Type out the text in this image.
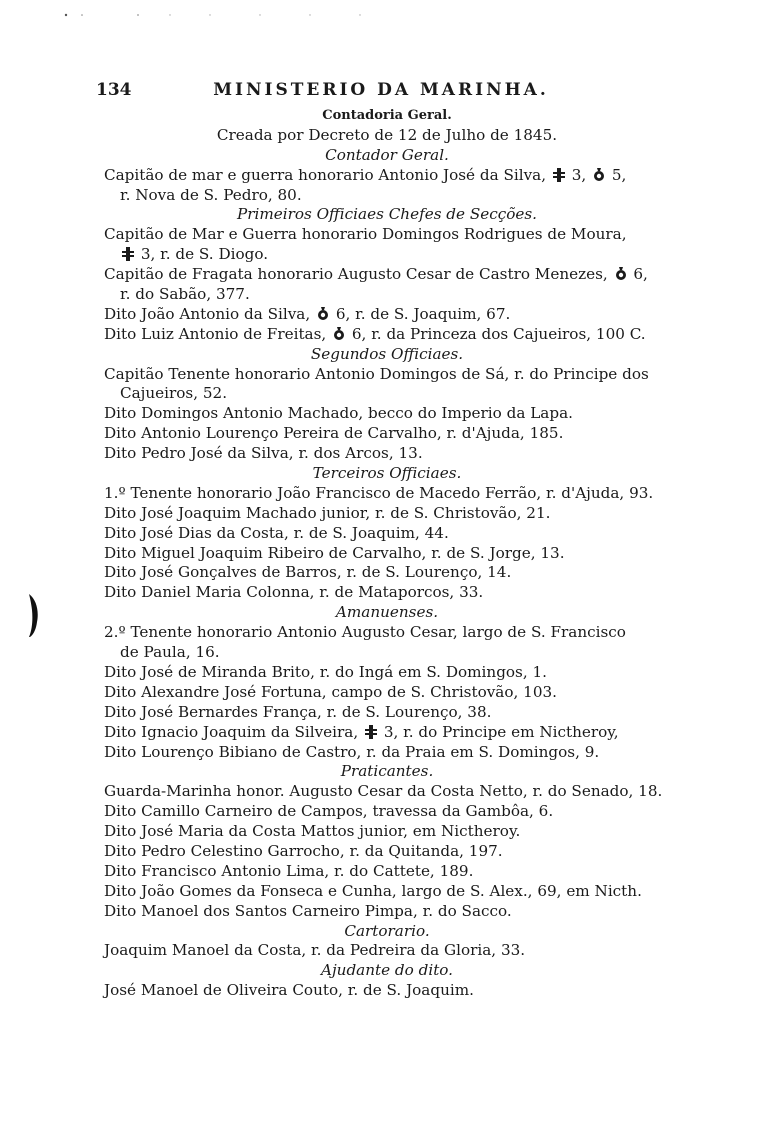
134	MINISTERIO DA MARINHA.
Contadoria Geral.
Creada por Decreto de 12 de Julho de 1845.
Contador Geral.
Capitão de mar e guerra honorario Antonio José da Silva, 3, 5,
r. Nova de S. Pedro, 80.
Primeiros Officiaes Chefes de Secções.
Capitão de Mar e Guerra honorario Domingos Rodrigues de Moura,
3, r. de S. Diogo.
Capitão de Fragata honorario Augusto Cesar de Castro Menezes, 6,
r. do Sabão, 377.
Dito João Antonio da Silva, 6, r. de S. Joaquim, 67.
Dito Luiz Antonio de Freitas, 6, r. da Princeza dos Cajueiros, 100 C.
Segundos Officiaes.
Capitão Tenente honorario Antonio Domingos de Sá, r. do Principe dos
Cajueiros, 52.
Dito Domingos Antonio Machado, becco do Imperio da Lapa.
Dito Antonio Lourenço Pereira de Carvalho, r. d'Ajuda, 185.
Dito Pedro José da Silva, r. dos Arcos, 13.
Terceiros Officiaes.
1.º Tenente honorario João Francisco de Macedo Ferrão, r. d'Ajuda, 93.
Dito José Joaquim Machado junior, r. de S. Christovão, 21.
Dito José Dias da Costa, r. de S. Joaquim, 44.
Dito Miguel Joaquim Ribeiro de Carvalho, r. de S. Jorge, 13.
Dito José Gonçalves de Barros, r. de S. Lourenço, 14.
Dito Daniel Maria Colonna, r. de Mataporcos, 33.
Amanuenses.
2.º Tenente honorario Antonio Augusto Cesar, largo de S. Francisco
de Paula, 16.
Dito José de Miranda Brito, r. do Ingá em S. Domingos, 1.
Dito Alexandre José Fortuna, campo de S. Christovão, 103.
Dito José Bernardes França, r. de S. Lourenço, 38.
Dito Ignacio Joaquim da Silveira, 3, r. do Principe em Nictheroy,
Dito Lourenço Bibiano de Castro, r. da Praia em S. Domingos, 9.
Praticantes.
Guarda-Marinha honor. Augusto Cesar da Costa Netto, r. do Senado, 18.
Dito Camillo Carneiro de Campos, travessa da Gambôa, 6.
Dito José Maria da Costa Mattos junior, em Nictheroy.
Dito Pedro Celestino Garrocho, r. da Quitanda, 197.
Dito Francisco Antonio Lima, r. do Cattete, 189.
Dito João Gomes da Fonseca e Cunha, largo de S. Alex., 69, em Nicth.
Dito Manoel dos Santos Carneiro Pimpa, r. do Sacco.
Cartorario.
Joaquim Manoel da Costa, r. da Pedreira da Gloria, 33.
Ajudante do dito.
José Manoel de Oliveira Couto, r. de S. Joaquim.
